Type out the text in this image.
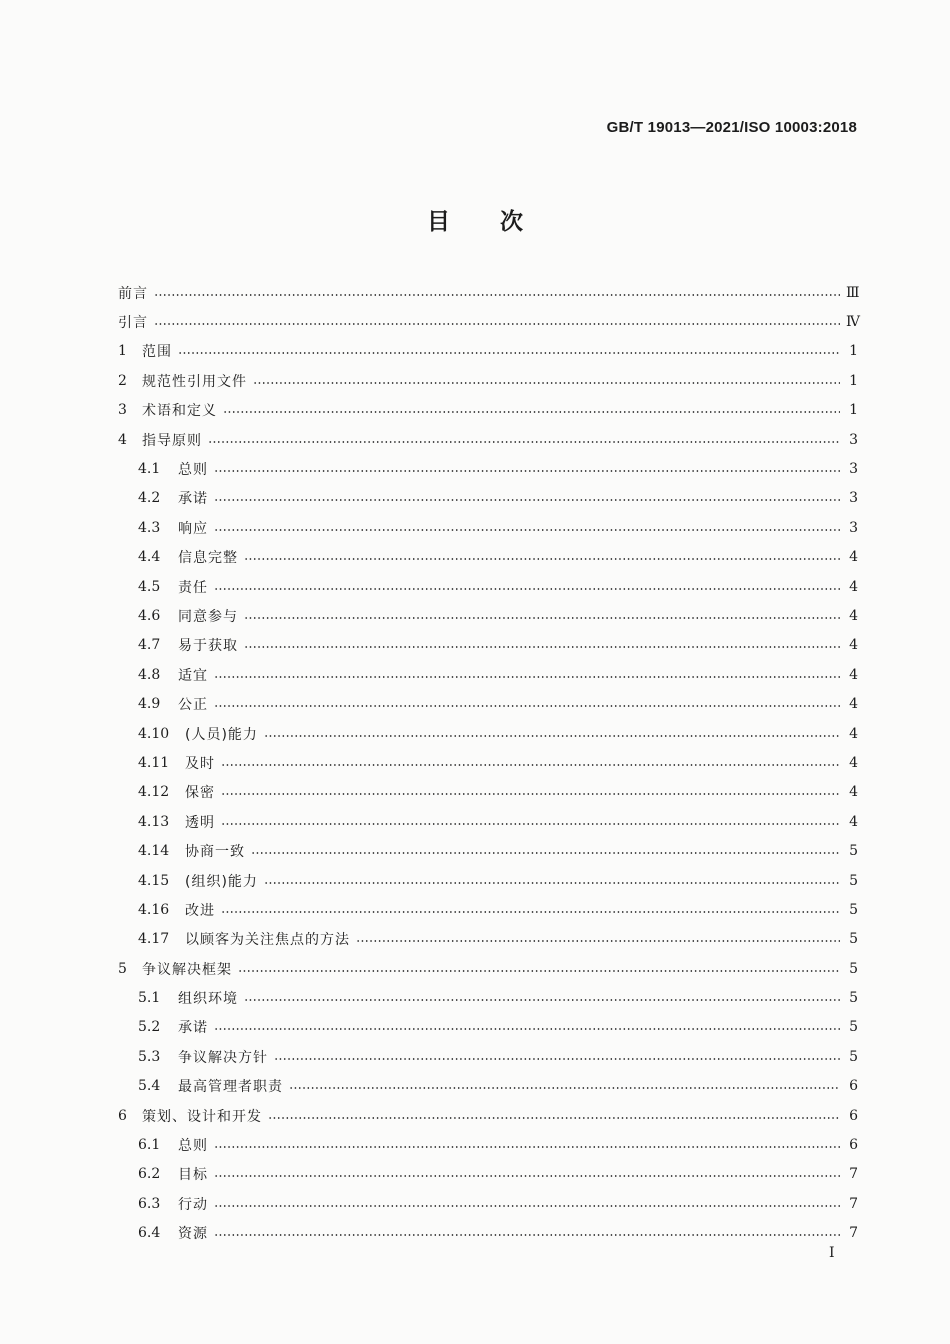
GB/T 19013—2021/ISO 10003:2018
目 次
前言	Ⅲ
引言	Ⅳ
1	范围	1
2	规范性引用文件	1
3	术语和定义	1
4	指导原则	3
4.1	总则	3
4.2	承诺	3
4.3	响应	3
4.4	信息完整	4
4.5	责任	4
4.6	同意参与	4
4.7	易于获取	4
4.8	适宜	4
4.9	公正	4
4.10	(人员)能力	4
4.11	及时	4
4.12	保密	4
4.13	透明	4
4.14	协商一致	5
4.15	(组织)能力	5
4.16	改进	5
4.17	以顾客为关注焦点的方法	5
5	争议解决框架	5
5.1	组织环境	5
5.2	承诺	5
5.3	争议解决方针	5
5.4	最高管理者职责	6
6	策划、设计和开发	6
6.1	总则	6
6.2	目标	7
6.3	行动	7
6.4	资源	7
I
